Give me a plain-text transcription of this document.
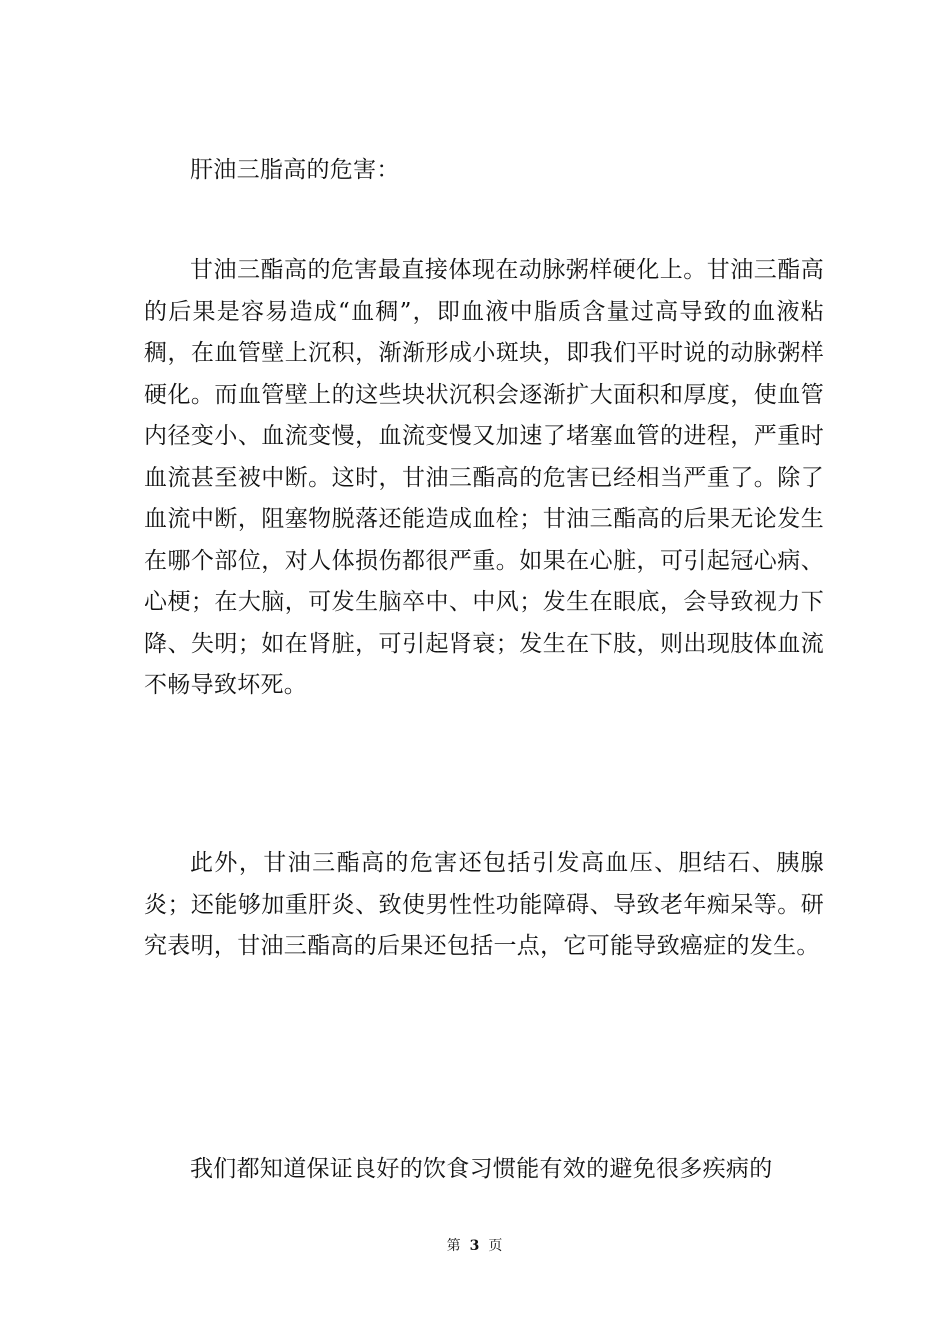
肝油三脂高的危害：

甘油三酯高的危害最直接体现在动脉粥样硬化上。甘油三酯高的后果是容易造成“血稠”，即血液中脂质含量过高导致的血液粘稠，在血管壁上沉积，渐渐形成小斑块，即我们平时说的动脉粥样硬化。而血管壁上的这些块状沉积会逐渐扩大面积和厚度，使血管内径变小、血流变慢，血流变慢又加速了堵塞血管的进程，严重时血流甚至被中断。这时，甘油三酯高的危害已经相当严重了。除了血流中断，阻塞物脱落还能造成血栓；甘油三酯高的后果无论发生在哪个部位，对人体损伤都很严重。如果在心脏，可引起冠心病、心梗；在大脑，可发生脑卒中、中风；发生在眼底，会导致视力下降、失明；如在肾脏，可引起肾衰；发生在下肢，则出现肢体血流不畅导致坏死。

此外，甘油三酯高的危害还包括引发高血压、胆结石、胰腺炎；还能够加重肝炎、致使男性性功能障碍、导致老年痴呆等。研究表明，甘油三酯高的后果还包括一点，它可能导致癌症的发生。

我们都知道保证良好的饮食习惯能有效的避免很多疾病的

第 3 页
